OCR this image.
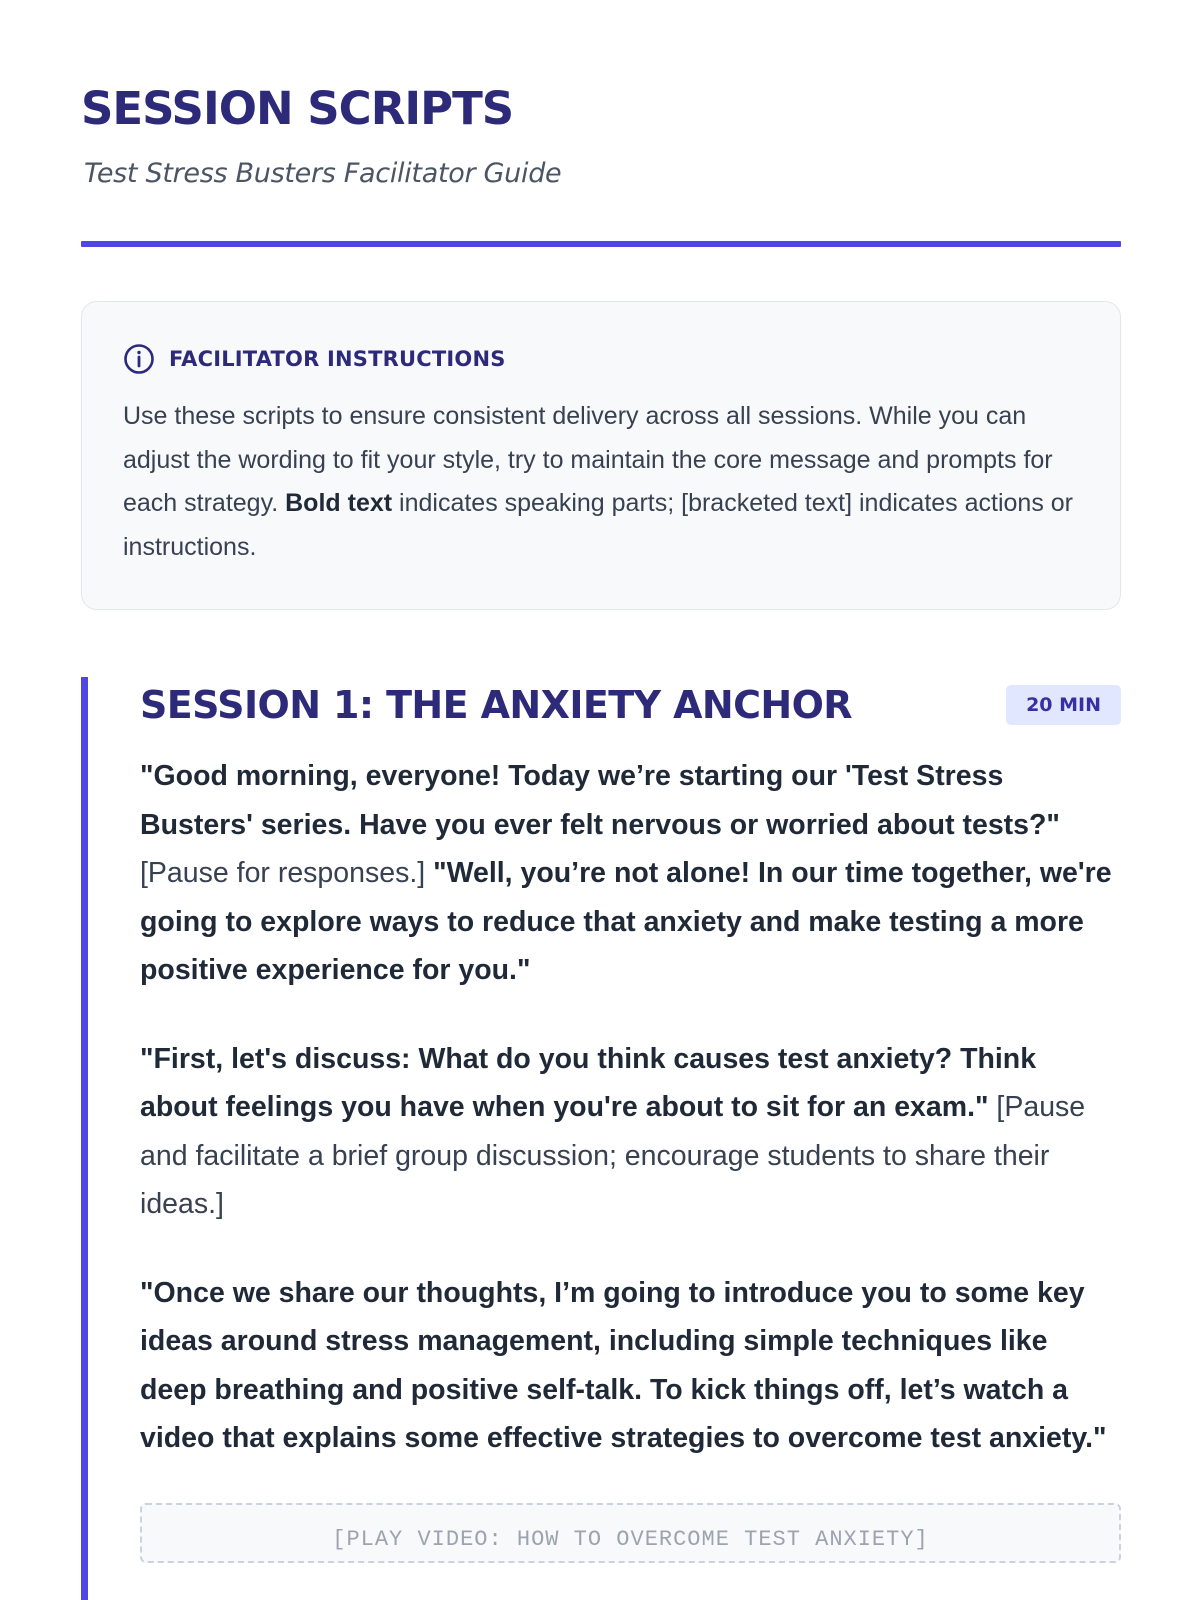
SESSION SCRIPTS
Test Stress Busters Facilitator Guide
FACILITATOR INSTRUCTIONS

Use these scripts to ensure consistent delivery across all sessions. While you can adjust the wording to fit your style, try to maintain the core message and prompts for each strategy. Bold text indicates speaking parts; [bracketed text] indicates actions or instructions.

SESSION 1: THE ANXIETY ANCHOR	20 MIN

"Good morning, everyone! Today we’re starting our 'Test Stress Busters' series. Have you ever felt nervous or worried about tests?" [Pause for responses.] "Well, you’re not alone! In our time together, we're going to explore ways to reduce that anxiety and make testing a more positive experience for you."

"First, let's discuss: What do you think causes test anxiety? Think about feelings you have when you're about to sit for an exam." [Pause and facilitate a brief group discussion; encourage students to share their ideas.]

"Once we share our thoughts, I’m going to introduce you to some key ideas around stress management, including simple techniques like deep breathing and positive self-talk. To kick things off, let’s watch a video that explains some effective strategies to overcome test anxiety."

[PLAY VIDEO: HOW TO OVERCOME TEST ANXIETY]
